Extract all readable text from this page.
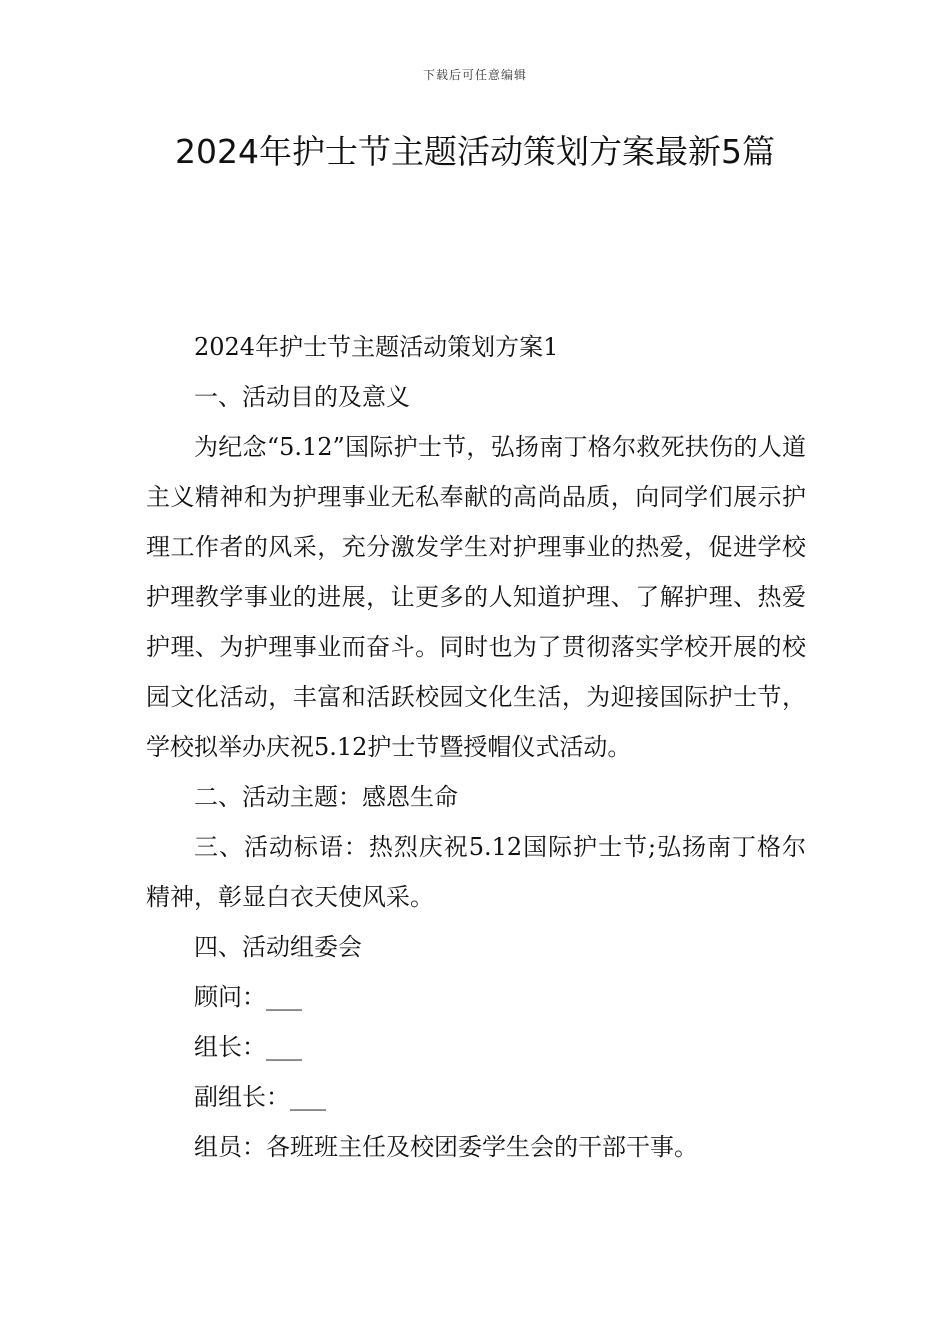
下载后可任意编辑
2024年护士节主题活动策划方案最新5篇

2024年护士节主题活动策划方案1

一、活动目的及意义

为纪念“5.12”国际护士节，弘扬南丁格尔救死扶伤的人道主义精神和为护理事业无私奉献的高尚品质，向同学们展示护理工作者的风采，充分激发学生对护理事业的热爱，促进学校护理教学事业的进展，让更多的人知道护理、了解护理、热爱护理、为护理事业而奋斗。同时也为了贯彻落实学校开展的校园文化活动，丰富和活跃校园文化生活，为迎接国际护士节，学校拟举办庆祝5.12护士节暨授帽仪式活动。

二、活动主题：感恩生命

三、活动标语：热烈庆祝5.12国际护士节;弘扬南丁格尔精神，彰显白衣天使风采。

四、活动组委会

顾问：___

组长：___

副组长：___

组员：各班班主任及校团委学生会的干部干事。
